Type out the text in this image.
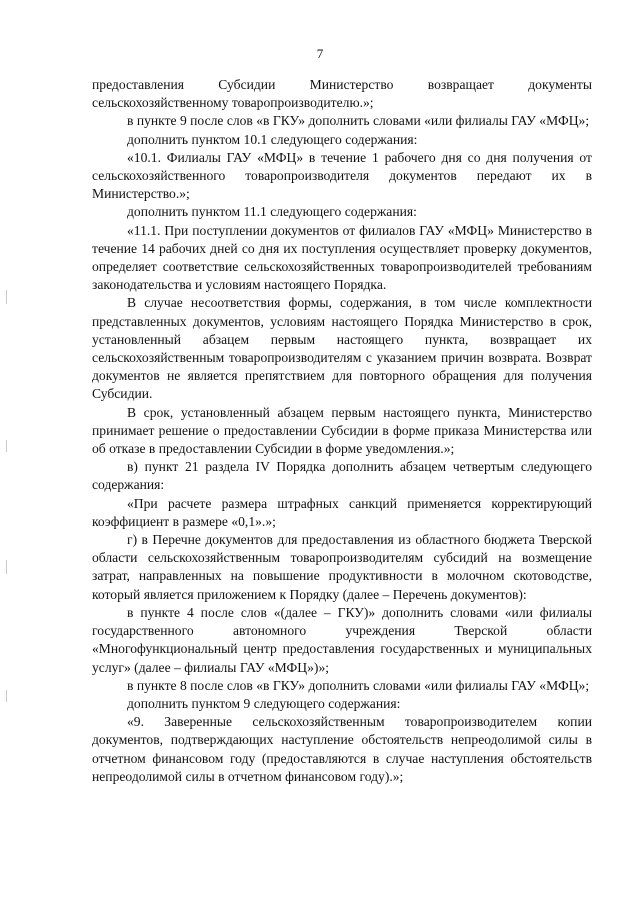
7

предоставления Субсидии Министерство возвращает документы сельскохозяйственному товаропроизводителю.»;

в пункте 9 после слов «в ГКУ» дополнить словами «или филиалы ГАУ «МФЦ»;

дополнить пунктом 10.1 следующего содержания:

«10.1. Филиалы ГАУ «МФЦ» в течение 1 рабочего дня со дня получения от сельскохозяйственного товаропроизводителя документов передают их в Министерство.»;

дополнить пунктом 11.1 следующего содержания:

«11.1. При поступлении документов от филиалов ГАУ «МФЦ» Министерство в течение 14 рабочих дней со дня их поступления осуществляет проверку документов, определяет соответствие сельскохозяйственных товаропроизводителей требованиям законодательства и условиям настоящего Порядка.

В случае несоответствия формы, содержания, в том числе комплектности представленных документов, условиям настоящего Порядка Министерство в срок, установленный абзацем первым настоящего пункта, возвращает их сельскохозяйственным товаропроизводителям с указанием причин возврата. Возврат документов не является препятствием для повторного обращения для получения Субсидии.

В срок, установленный абзацем первым настоящего пункта, Министерство принимает решение о предоставлении Субсидии в форме приказа Министерства или об отказе в предоставлении Субсидии в форме уведомления.»;

в) пункт 21 раздела IV Порядка дополнить абзацем четвертым следующего содержания:

«При расчете размера штрафных санкций применяется корректирующий коэффициент в размере «0,1».»;

г) в Перечне документов для предоставления из областного бюджета Тверской области сельскохозяйственным товаропроизводителям субсидий на возмещение затрат, направленных на повышение продуктивности в молочном скотоводстве, который является приложением к Порядку (далее – Перечень документов):

в пункте 4 после слов «(далее – ГКУ)» дополнить словами «или филиалы государственного автономного учреждения Тверской области «Многофункциональный центр предоставления государственных и муниципальных услуг» (далее – филиалы ГАУ «МФЦ»)»;

в пункте 8 после слов «в ГКУ» дополнить словами «или филиалы ГАУ «МФЦ»;

дополнить пунктом 9 следующего содержания:

«9. Заверенные сельскохозяйственным товаропроизводителем копии документов, подтверждающих наступление обстоятельств непреодолимой силы в отчетном финансовом году (предоставляются в случае наступления обстоятельств непреодолимой силы в отчетном финансовом году).»;
